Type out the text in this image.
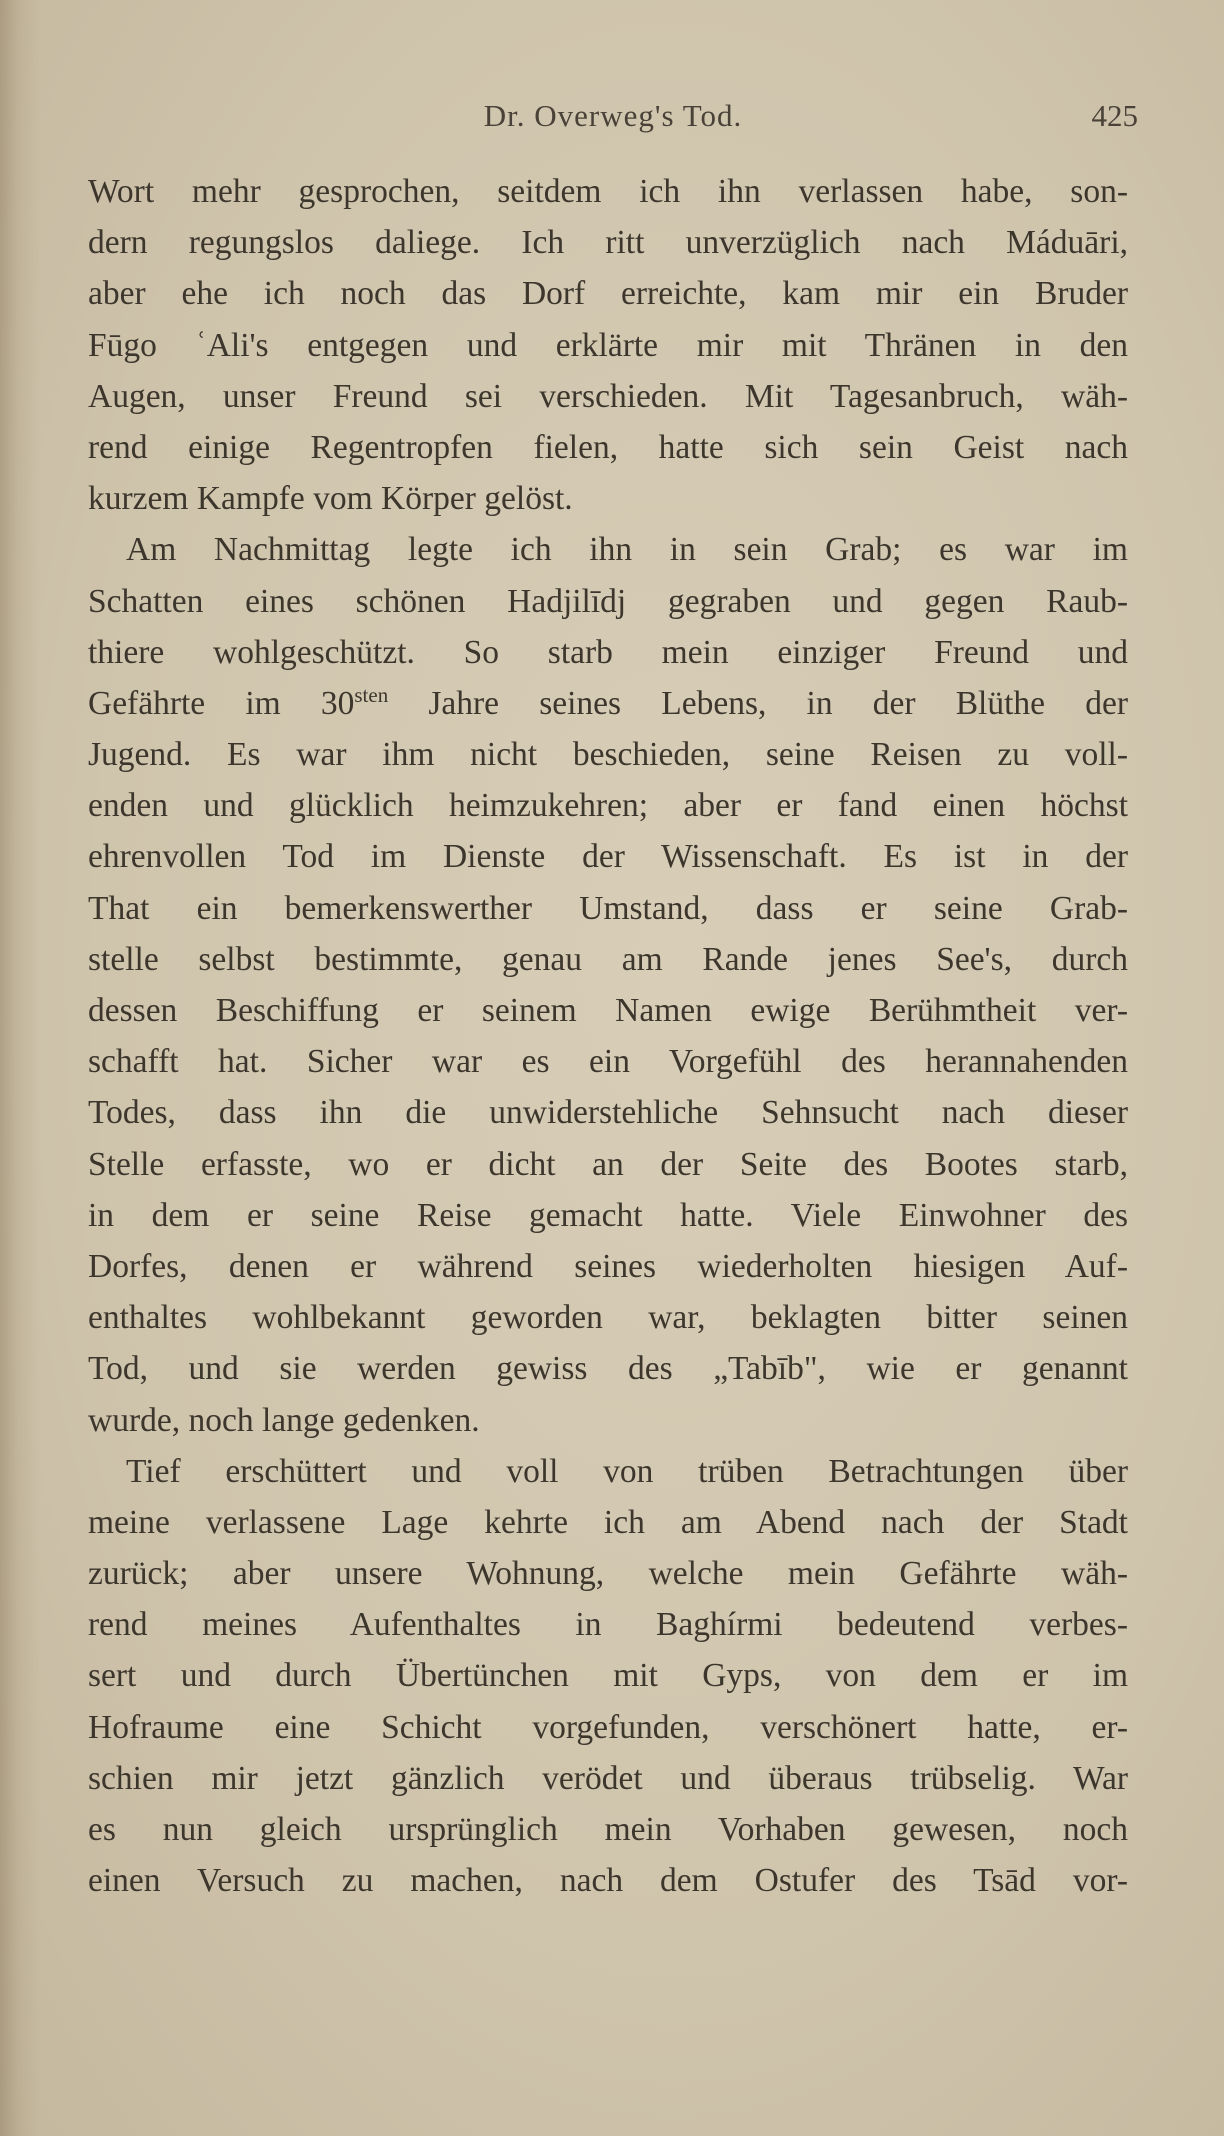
Dr. Overweg's Tod.	425
Wort mehr gesprochen, seitdem ich ihn verlassen habe, son-
dern regungslos daliege. Ich ritt unverzüglich nach Máduāri,
aber ehe ich noch das Dorf erreichte, kam mir ein Bruder
Fūgo ʿAli's entgegen und erklärte mir mit Thränen in den
Augen, unser Freund sei verschieden. Mit Tagesanbruch, wäh-
rend einige Regentropfen fielen, hatte sich sein Geist nach
kurzem Kampfe vom Körper gelöst.
Am Nachmittag legte ich ihn in sein Grab; es war im
Schatten eines schönen Hadjilīdj gegraben und gegen Raub-
thiere wohlgeschützt. So starb mein einziger Freund und
Gefährte im $30^{sten}$ Jahre seines Lebens, in der Blüthe der
Jugend. Es war ihm nicht beschieden, seine Reisen zu voll-
enden und glücklich heimzukehren; aber er fand einen höchst
ehrenvollen Tod im Dienste der Wissenschaft. Es ist in der
That ein bemerkenswerther Umstand, dass er seine Grab-
stelle selbst bestimmte, genau am Rande jenes See's, durch
dessen Beschiffung er seinem Namen ewige Berühmtheit ver-
schafft hat. Sicher war es ein Vorgefühl des herannahenden
Todes, dass ihn die unwiderstehliche Sehnsucht nach dieser
Stelle erfasste, wo er dicht an der Seite des Bootes starb,
in dem er seine Reise gemacht hatte. Viele Einwohner des
Dorfes, denen er während seines wiederholten hiesigen Auf-
enthaltes wohlbekannt geworden war, beklagten bitter seinen
Tod, und sie werden gewiss des „Tabīb", wie er genannt
wurde, noch lange gedenken.
Tief erschüttert und voll von trüben Betrachtungen über
meine verlassene Lage kehrte ich am Abend nach der Stadt
zurück; aber unsere Wohnung, welche mein Gefährte wäh-
rend meines Aufenthaltes in Baghírmi bedeutend verbes-
sert und durch Übertünchen mit Gyps, von dem er im
Hofraume eine Schicht vorgefunden, verschönert hatte, er-
schien mir jetzt gänzlich verödet und überaus trübselig. War
es nun gleich ursprünglich mein Vorhaben gewesen, noch
einen Versuch zu machen, nach dem Ostufer des Tsād vor-
